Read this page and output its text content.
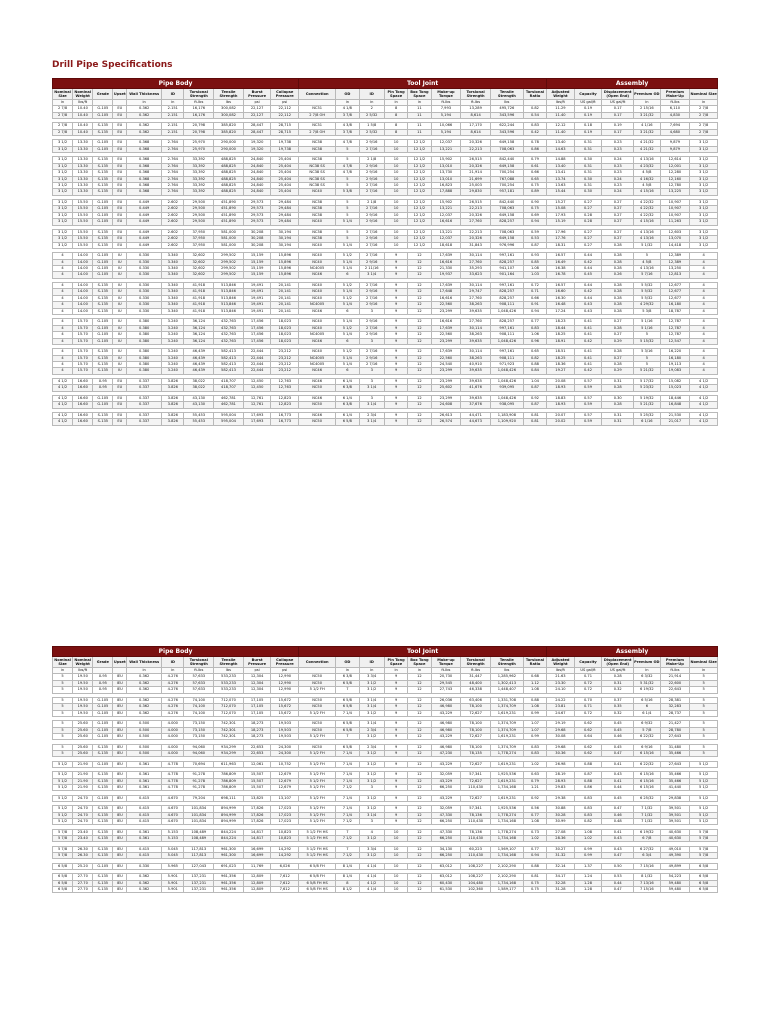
Drill Pipe Specifications
Pipe Body										Tool Joint									Assembly					
Nominal Size	Nominal Weight	Grade	Upset	Wall Thickness	ID	Torsional Strength	Tensile Strength	Burst Pressure	Collapse Pressure	Connection	OD	ID	Pin Tong Space	Box Tong Space	Make-up Torque	Torsional Strength	Tensile Strength	Torsional Ratio	Adjusted Weight	Capacity	Displacement (Open End)	Premium OD	Premium Make-Up	Nominal Size
in	lbs/ft			in	in	ft-lbs	lbs	psi	psi		in	in	in	in	ft-lbs	ft-lbs	lbs		lbs/ft	US gal/ft	US gal/ft	in	ft-lbs	in
2 7/8	10.40	G-105	EU	0.362	2.151	16,176	300,082	22,127	22,112	NC31	4 1/8	2	8	11	7,993	13,289	495,726	0.82	11.29	0.19	0.17	2 15/16	6,110	2 7/8
2 7/8	10.40	G-105	EU	0.362	2.151	16,176	300,082	22,127	22,112	2 7/8 OH	3 7/8	2 5/32	8	11	5,194	8,614	343,596	0.54	11.40	0.19	0.17	3 21/32	4,830	2 7/8

2 7/8	10.40	S-135	EU	0.362	2.151	20,798	385,820	28,447	28,715	NC31	4 3/8	1 5/8	8	11	10,066	17,170	622,244	0.83	12.12	0.18	0.19	4 1/16	7,694	2 7/8
2 7/8	10.40	S-135	EU	0.362	2.151	20,798	385,820	28,447	28,715	2 7/8 OH	3 7/8	2 5/32	8	11	5,194	8,614	343,596	0.42	11.40	0.19	0.17	3 21/32	4,680	2 7/8

3 1/2	13.30	G-105	EU	0.368	2.764	25,970	290,000	19,320	19,738	NC38	4 7/8	2 9/16	10	12 1/2	12,037	20,326	649,158	0.78	13.40	0.31	0.23	4 21/32	9,879	3 1/2
3 1/2	13.30	G-105	EU	0.368	2.764	25,970	290,000	19,320	19,738	NC38	5	2 7/16	10	12 1/2	13,221	22,213	708,063	0.86	14.63	0.31	0.23	4 21/32	9,879	3 1/2

3 1/2	13.30	S-135	EU	0.368	2.764	33,392	488,825	24,840	25,404	NC38	5	2 1/8	10	12 1/2	15,902	26,515	842,440	0.79	14.88	0.30	0.24	4 13/16	12,614	3 1/2
3 1/2	13.30	S-135	EU	0.368	2.764	33,392	488,825	24,840	25,404	NC38 SS	4 7/8	2 9/16	10	12 1/2	13,010	20,326	649,158	0.61	13.40	0.31	0.23	4 23/32	12,001	3 1/2
3 1/2	13.30	S-135	EU	0.368	2.764	33,392	488,825	24,840	25,404	NC38 SS	4 7/8	2 9/16	10	12 1/2	13,730	21,914	700,254	0.66	13.41	0.31	0.23	4 5/8	12,280	3 1/2
3 1/2	13.30	S-135	EU	0.368	2.764	33,392	488,825	24,840	25,404	NC38 SS	5	2 9/16	10	12 1/2	13,010	21,699	767,088	0.65	13.74	0.30	0.24	4 16/32	12,160	3 1/2
3 1/2	13.30	S-135	EU	0.368	2.764	33,392	488,825	24,840	25,404	NC38 SS	5	2 7/16	10	12 1/2	16,823	25,003	700,254	0.75	13.63	0.31	0.23	4 5/8	12,780	3 1/2
3 1/2	13.30	S-135	EU	0.368	2.764	33,392	488,825	24,840	25,404	NC40	5 3/8	2 7/16	10	12 1/2	17,888	29,830	957,181	0.89	15.44	0.30	0.24	4 15/16	13,225	3 1/2

3 1/2	15.50	G-105	EU	0.449	2.602	29,500	451,890	29,573	29,484	NC38	5	2 1/8	10	12 1/2	15,902	26,515	842,440	0.90	15.27	0.27	0.27	4 22/32	10,907	3 1/2
3 1/2	15.50	G-105	EU	0.449	2.602	29,500	451,890	29,573	29,484	NC38	5	2 7/16	10	12 1/2	13,221	22,213	708,063	0.75	15.08	0.27	0.27	4 22/32	10,907	3 1/2
3 1/2	15.50	G-105	EU	0.449	2.602	29,500	451,890	29,573	29,484	NC38	5	2 9/16	10	12 1/2	12,037	20,326	649,158	0.69	17.93	0.28	0.27	4 22/32	10,907	3 1/2
3 1/2	15.50	G-105	EU	0.449	2.602	29,500	451,890	29,573	29,484	NC40	5 1/4	2 9/16	10	12 1/2	16,616	27,760	828,257	0.94	15.19	0.28	0.27	4 15/16	11,263	3 1/2

3 1/2	15.50	S-135	EU	0.449	2.602	37,950	581,000	30,208	30,194	NC38	5	2 7/16	10	12 1/2	13,221	22,213	708,063	0.59	17.96	0.27	0.27	4 13/16	12,603	3 1/2
3 1/2	15.50	S-135	EU	0.449	2.602	37,950	581,000	30,208	30,194	NC38	5	2 9/16	10	12 1/2	12,037	20,326	649,158	0.53	17.76	0.27	0.27	4 13/16	13,070	3 1/2
3 1/2	15.50	S-135	EU	0.449	2.602	37,950	581,000	30,208	30,194	NC40	5 1/4	2 7/16	10	12 1/2	18,618	31,843	976,996	0.87	18.31	0.27	0.28	5 1/32	14,418	3 1/2

4	14.00	G-105	IU	0.330	3.340	32,602	299,502	15,159	15,896	NC40	5 1/2	2 7/16	9	12	17,639	30,114	997,161	0.93	16.57	0.44	0.28	5	12,389	4
4	14.00	G-105	IU	0.330	3.340	32,602	299,502	15,159	15,896	NC40	5 1/4	2 9/16	9	12	16,616	27,760	828,257	0.85	16.49	0.42	0.28	4 5/8	12,389	4
4	14.00	G-105	IU	0.330	3.340	32,602	299,502	15,159	15,896	NC4005	5 1/4	2 11/16	9	12	21,330	35,293	941,107	1.08	16.38	0.44	0.28	4 13/16	13,250	4
4	14.00	G-105	IU	0.330	3.340	32,602	299,502	15,159	15,896	NC46	6	3 1/4	9	12	19,937	33,623	901,164	1.03	16.78	0.45	0.26	5 7/16	12,813	4

4	14.00	S-135	IU	0.330	3.340	41,918	513,846	19,491	20,141	NC40	5 1/2	2 7/16	9	12	17,639	30,114	997,161	0.72	16.57	0.44	0.28	5 5/32	12,677	4
4	14.00	S-135	IU	0.330	3.340	41,918	513,846	19,491	20,141	NC40	5 1/4	2 9/16	9	12	17,648	29,747	828,257	0.71	16.60	0.42	0.28	5 5/32	12,677	4
4	14.00	S-135	IU	0.330	3.340	41,918	513,846	19,491	20,141	NC40	5 1/2	2 7/16	9	12	16,616	27,760	828,257	0.66	16.30	0.44	0.28	5 5/32	12,677	4
4	14.00	S-135	IU	0.330	3.340	41,918	513,846	19,491	20,141	NC4005	5 1/4	2 9/16	9	12	22,560	38,263	908,111	0.91	16.48	0.43	0.28	4 29/32	16,180	4
4	14.00	S-135	IU	0.330	3.340	41,918	513,846	19,491	20,141	NC46	6	3	9	12	23,299	39,635	1,048,426	0.94	17.24	0.43	0.28	5 3/8	18,787	4

4	15.70	G-105	IU	0.380	3.240	36,124	432,763	17,456	18,023	NC40	5 1/4	2 9/16	9	12	16,616	27,760	828,257	0.77	18.23	0.41	0.27	5 1/16	12,787	4
4	15.70	G-105	IU	0.380	3.240	36,124	432,763	17,456	18,023	NC40	5 1/2	2 7/16	9	12	17,639	30,114	997,161	0.83	18.44	0.41	0.28	5 1/16	12,787	4
4	15.70	G-105	IU	0.380	3.240	36,124	432,763	17,456	18,023	NC4005	5 1/4	2 9/16	9	12	22,560	38,263	908,111	1.06	18.25	0.41	0.27	5	12,787	4
4	15.70	G-105	IU	0.380	3.240	36,124	432,763	17,456	18,023	NC46	6	3	9	12	23,299	39,635	1,048,426	0.96	18.91	0.42	0.29	5 15/32	12,547	4

4	15.70	S-135	IU	0.380	3.240	46,439	582,413	22,444	23,212	NC40	5 1/2	2 7/16	9	12	17,639	30,114	997,161	0.65	18.51	0.41	0.28	5 3/16	16,220	4
4	15.70	S-135	IU	0.380	3.240	46,439	582,413	22,444	23,212	NC4005	5 1/4	2 9/16	9	12	22,560	38,263	908,111	0.82	18.25	0.41	0.27	5	16,180	4
4	15.70	S-135	IU	0.380	3.240	46,439	582,413	22,444	23,212	NC4005	5 1/4	2 7/16	9	12	24,540	40,910	971,923	0.88	18.36	0.41	0.28	5	19,113	4
4	15.70	S-135	IU	0.380	3.240	46,439	582,413	22,444	23,212	NC46	6	3	9	12	23,299	39,635	1,048,426	0.84	19.27	0.42	0.29	5 21/32	19,083	4

4 1/2	16.60	X-95	EU	0.337	3.826	38,022	418,707	12,450	12,763	NC46	6 1/4	3	9	12	23,299	39,635	1,048,426	1.04	20.08	0.57	0.31	5 17/32	15,082	4 1/2
4 1/2	16.60	X-95	EU	0.337	3.826	38,022	418,707	12,450	12,763	NC50	6 3/8	3 1/4	9	12	25,602	41,676	939,095	0.87	18.93	0.59	0.28	5 23/32	15,023	4 1/2

4 1/2	16.60	G-105	EU	0.337	3.826	43,130	462,781	12,761	12,823	NC46	6 1/4	3	9	12	23,299	39,635	1,048,426	0.92	18.83	0.57	0.30	5 19/32	18,446	4 1/2
4 1/2	16.60	G-105	EU	0.337	3.826	43,130	462,781	12,761	12,823	NC50	6 3/8	3 1/4	9	12	24,608	37,676	938,095	0.87	18.93	0.59	0.28	5 21/32	16,848	4 1/2

4 1/2	16.60	S-135	EU	0.337	3.826	55,453	595,004	17,693	16,773	NC46	6 1/4	2 3/4	9	12	26,613	44,471	1,183,908	0.81	20.07	0.57	0.31	5 25/32	21,530	4 1/2
4 1/2	16.60	S-135	EU	0.337	3.826	55,453	595,004	17,693	16,773	NC50	6 5/8	3 1/4	9	12	26,574	44,673	1,109,920	0.81	20.02	0.59	0.31	6 1/16	21,017	4 1/2
Pipe Body										Tool Joint									Assembly					
Nominal Size	Nominal Weight	Grade	Upset	Wall Thickness	ID	Torsional Strength	Tensile Strength	Burst Pressure	Collapse Pressure	Connection	OD	ID	Pin Tong Space	Box Tong Space	Make-up Torque	Torsional Strength	Tensile Strength	Torsional Ratio	Adjusted Weight	Capacity	Displacement (Open End)	Premium OD	Premium Make-Up	Nominal Size
in	lbs/ft			in	in	ft-lbs	lbs	psi	psi		in	in	in	in	ft-lbs	ft-lbs	lbs		lbs/ft	US gal/ft	US gal/ft	in	ft-lbs	in
5	19.50	X-95	IEU	0.362	4.276	57,633	533,233	12,304	12,990	NC50	6 3/8	3 3/4	9	12	20,730	31,447	1,285,962	0.68	21.63	0.71	0.28	6 3/32	21,914	5
5	19.50	X-95	IEU	0.362	4.276	57,633	533,233	12,304	12,990	NC50	6 5/8	3 1/2	9	12	29,545	48,400	1,302,413	1.12	23.30	0.72	0.31	5 31/32	22,600	5
5	19.50	X-95	IEU	0.362	4.276	57,633	533,233	12,304	12,990	5 1/2 FH	7	3 1/2	9	12	27,743	46,338	1,448,407	1.08	24.10	0.72	0.32	6 19/32	22,643	5

5	19.50	G-105	IEU	0.362	4.276	74,100	712,070	17,105	15,672	NC50	6 5/8	3 1/4	9	12	26,036	63,406	1,331,708	0.88	24.22	0.70	0.37	6 5/16	28,381	5
5	19.50	G-105	IEU	0.362	4.276	74,100	712,070	17,105	15,672	NC50	6 5/8	3 1/4	9	12	46,980	78,100	1,374,709	1.08	23.81	0.71	0.35	6	32,283	5
5	19.50	G-105	IEU	0.362	4.276	74,100	712,070	17,105	15,672	5 1/2 FH	7 1/4	3 1/2	9	12	43,229	72,627	1,619,231	0.99	24.67	0.72	0.32	6 1/4	28,737	5

5	25.60	G-105	IEU	0.500	4.000	73,150	742,301	18,273	19,503	NC50	6 5/8	3 1/4	9	12	46,980	78,100	1,374,709	1.07	29.19	0.62	0.45	6 9/32	21,427	5
5	25.60	G-105	IEU	0.500	4.000	73,150	742,301	18,273	19,503	NC50	6 5/8	2 3/4	9	12	46,980	78,100	1,374,709	1.07	29.68	0.62	0.45	5 7/8	28,780	5
5	25.60	G-105	IEU	0.500	4.000	73,150	742,301	18,273	19,503	5 1/2 FH	7	3 1/2	9	12	43,229	72,627	1,619,231	0.99	30.08	0.64	0.46	6 22/32	27,643	5

5	25.60	S-135	IEU	0.500	4.000	94,060	934,299	22,653	24,300	NC50	6 5/8	2 3/4	9	12	46,980	78,100	1,374,709	0.83	29.68	0.62	0.45	6 9/16	31,480	5
5	25.60	S-135	IEU	0.500	4.000	94,060	934,299	22,653	24,300	5 1/2 FH	7 1/4	3 1/2	9	12	47,230	78,135	1,778,274	0.83	30.36	0.62	0.47	6 15/16	35,466	5

5 1/2	21.90	G-105	IEU	0.361	4.778	70,694	611,963	12,061	10,752	5 1/2 FH	7 1/4	3 1/2	9	12	43,229	72,627	1,619,231	1.02	26.98	0.88	0.41	6 22/32	27,643	5 1/2

5 1/2	21.90	S-135	IEU	0.361	4.778	91,278	786,809	15,507	12,679	5 1/2 FH	7 1/4	3 1/2	9	12	32,059	57,341	1,925,536	0.63	28.19	0.87	0.43	6 15/16	35,466	5 1/2
5 1/2	21.90	S-135	IEU	0.361	4.778	91,278	786,809	15,507	12,679	5 1/2 FH	7 1/4	3 1/2	9	12	43,229	72,627	1,619,231	0.79	28.93	0.88	0.41	6 15/16	35,466	5 1/2
5 1/2	21.90	S-135	IEU	0.361	4.778	91,278	786,809	15,507	12,679	5 1/2 FH	7 1/2	3	9	12	66,250	110,430	1,734,168	1.21	29.83	0.86	0.44	6 15/16	41,440	5 1/2

5 1/2	24.70	G-105	IEU	0.415	4.670	79,204	698,111	13,825	13,107	5 1/2 FH	7 1/4	3 1/2	9	12	43,229	72,627	1,619,231	0.92	29.38	0.83	0.45	6 25/32	29,838	5 1/2

5 1/2	24.70	S-135	IEU	0.415	4.670	101,834	894,999	17,826	17,023	5 1/2 FH	7 1/4	3 1/2	9	12	32,059	57,341	1,925,536	0.56	30.88	0.83	0.47	7 1/32	39,501	5 1/2
5 1/2	24.70	S-135	IEU	0.415	4.670	101,834	894,999	17,826	17,023	5 1/2 FH	7 1/4	3 1/4	9	12	47,330	78,136	1,778,274	0.77	30.28	0.83	0.46	7 1/32	39,501	5 1/2
5 1/2	24.70	S-135	IEU	0.415	4.670	101,834	894,999	17,826	17,023	5 1/2 FH	7 1/2	3	9	12	66,250	110,430	1,734,168	1.08	30.99	0.82	0.48	7 1/32	39,501	5 1/2

5 7/8	23.40	S-135	IEU	0.361	5.153	108,489	844,224	14,817	10,823	5 1/2 FH HS	7	4	10	12	47,330	78,136	1,778,274	0.73	27.08	1.08	0.41	6 19/32	40,630	5 7/8
5 7/8	23.40	S-135	IEU	0.361	5.153	108,489	844,224	14,817	10,823	5 1/2 FH HS	7 1/2	3 1/2	10	12	66,250	110,430	1,734,168	1.02	28.36	1.02	0.43	6 7/8	40,630	5 7/8

5 7/8	26.30	S-135	IEU	0.415	5.045	117,813	961,300	16,699	14,292	5 1/2 FH HS	7	3 3/4	10	12	34,130	60,223	1,569,107	0.77	30.27	0.99	0.43	6 27/32	49,010	5 7/8
5 7/8	26.30	S-135	IEU	0.415	5.045	117,813	961,300	16,699	14,292	5 1/2 FH HS	7 1/2	3 1/2	10	12	66,250	110,430	1,734,168	0.94	31.32	0.99	0.47	6 3/4	49,390	5 7/8

6 5/8	25.20	G-105	IEU	0.330	5.965	127,043	691,023	11,769	6,026	6 5/8 FH	8 1/4	4 1/4	10	12	63,012	108,227	2,102,290	0.88	32.14	1.37	0.50	7 15/16	49,899	6 5/8

6 5/8	27.70	S-135	IEU	0.362	5.901	137,231	961,356	12,809	7,612	6 5/8 FH	8 1/4	4 1/4	10	12	63,012	108,227	2,102,290	0.81	34.17	1.24	0.53	8 1/32	54,223	6 5/8
6 5/8	27.70	S-135	IEU	0.362	5.901	137,231	961,356	12,809	7,612	6 5/8 FH HS	8	4 1/2	10	12	60,430	104,480	1,734,168	0.75	32.28	1.28	0.44	7 13/16	59,480	6 5/8
6 5/8	27.70	S-135	IEU	0.362	5.901	137,231	961,356	12,809	7,612	6 5/8 FH HS	8 1/2	4 1/4	10	12	61,530	102,360	1,589,177	0.75	31.28	1.28	0.47	7 15/16	59,480	6 5/8
